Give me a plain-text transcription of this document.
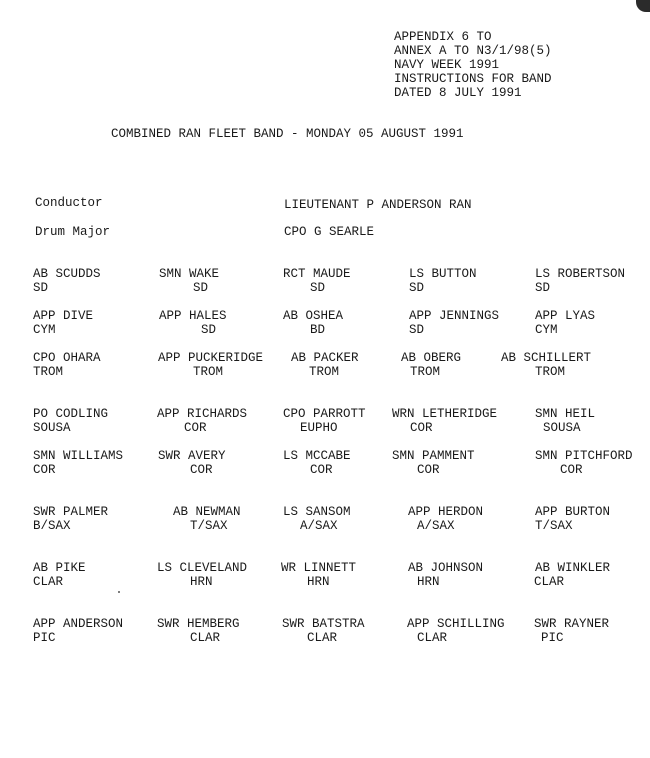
APPENDIX 6 TO
ANNEX A TO N3/1/98(5)
NAVY WEEK 1991
INSTRUCTIONS FOR BAND
DATED 8 JULY 1991
COMBINED RAN FLEET BAND - MONDAY 05 AUGUST 1991
Conductor	LIEUTENANT P ANDERSON RAN
Drum Major	CPO G SEARLE
AB SCUDDS
SD
SMN WAKE
SD
RCT MAUDE
SD
LS BUTTON
SD
LS ROBERTSON
SD
APP DIVE
CYM
APP HALES
SD
AB OSHEA
BD
APP JENNINGS
SD
APP LYAS
CYM
CPO OHARA
TROM
APP PUCKERIDGE
TROM
AB PACKER
TROM
AB OBERG
TROM
AB SCHILLERT
TROM
PO CODLING
SOUSA
APP RICHARDS
COR
CPO PARROTT
EUPHO
WRN LETHERIDGE
COR
SMN HEIL
SOUSA
SMN WILLIAMS
COR
SWR AVERY
COR
LS MCCABE
COR
SMN PAMMENT
COR
SMN PITCHFORD
COR
SWR PALMER
B/SAX
AB NEWMAN
T/SAX
LS SANSOM
A/SAX
APP HERDON
A/SAX
APP BURTON
T/SAX
AB PIKE
CLAR
LS CLEVELAND
HRN
WR LINNETT
HRN
AB JOHNSON
HRN
AB WINKLER
CLAR
APP ANDERSON
PIC
SWR HEMBERG
CLAR
SWR BATSTRA
CLAR
APP SCHILLING
CLAR
SWR RAYNER
PIC
